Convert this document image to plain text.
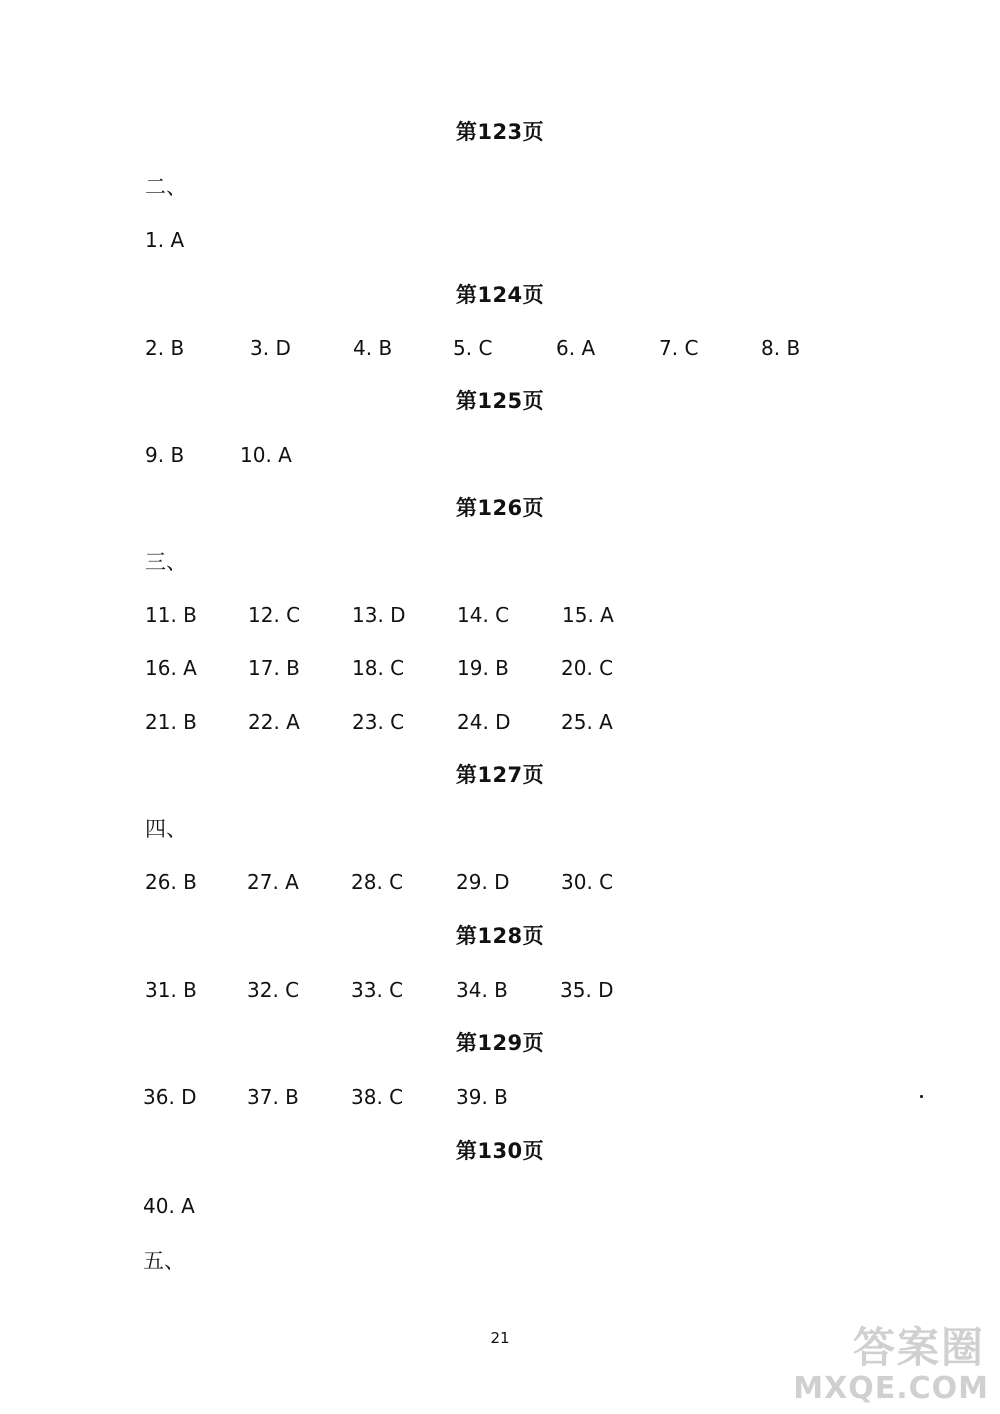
第123页
二、
1. A
第124页
2. B	3. D	4. B	5. C	6. A	7. C	8. B
第125页
9. B	10. A
第126页
三、
11. B	12. C	13. D	14. C	15. A
16. A	17. B	18. C	19. B	20. C
21. B	22. A	23. C	24. D	25. A
第127页
四、
26. B	27. A	28. C	29. D	30. C
第128页
31. B	32. C	33. C	34. B	35. D
第129页
36. D	37. B	38. C	39. B
第130页
40. A
五、
21	答案圈
MXQE.COM
